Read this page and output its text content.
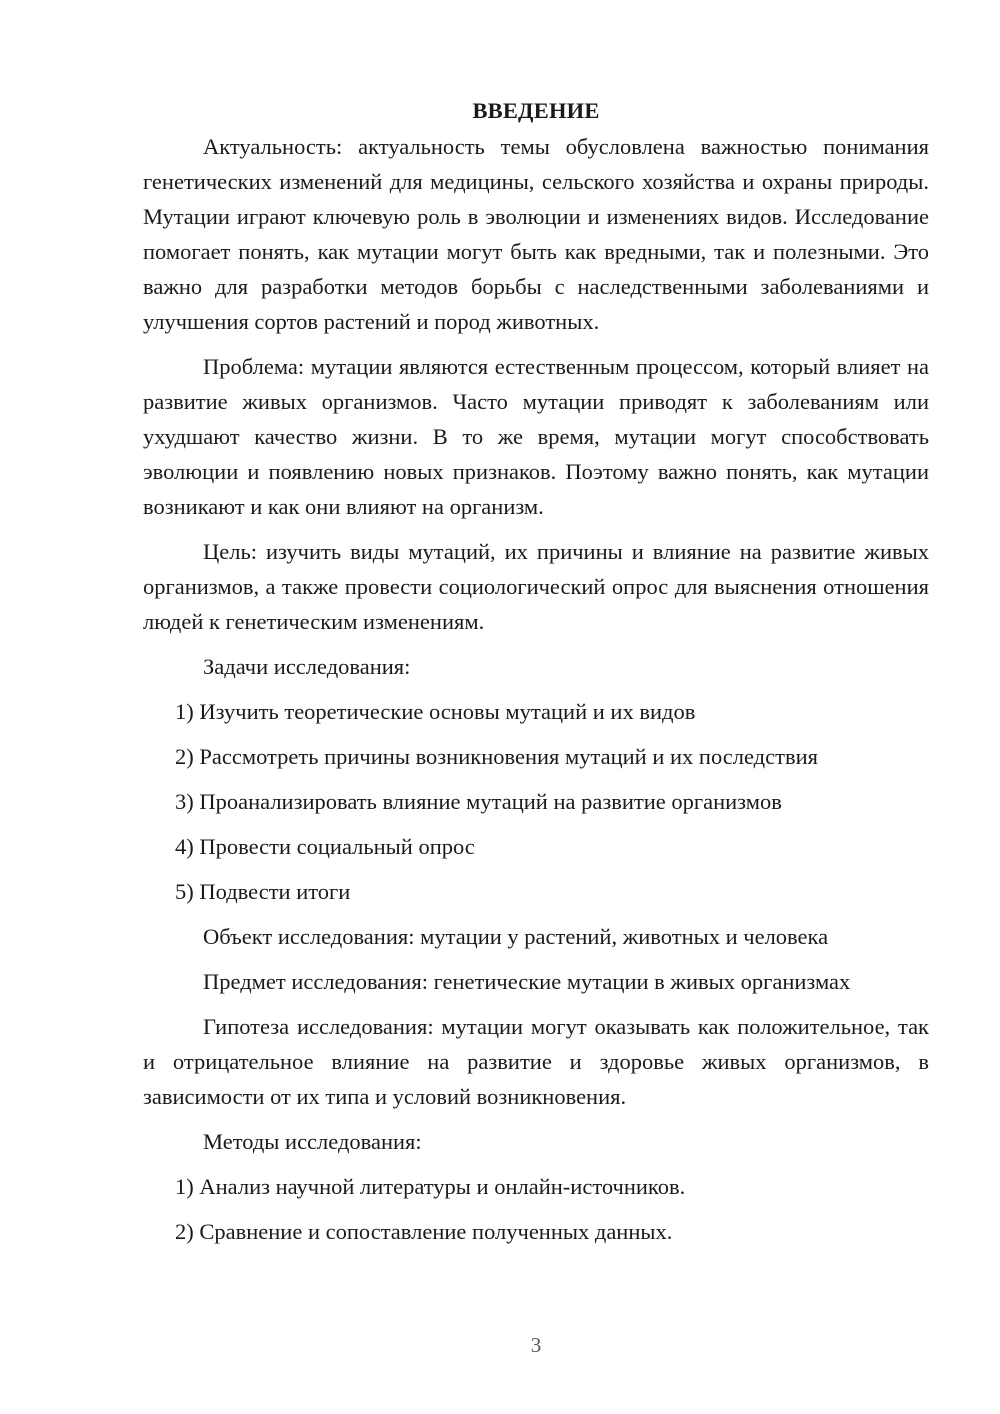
ВВЕДЕНИЕ

Актуальность: актуальность темы обусловлена важностью понимания генетических изменений для медицины, сельского хозяйства и охраны природы. Мутации играют ключевую роль в эволюции и изменениях видов. Исследование помогает понять, как мутации могут быть как вредными, так и полезными. Это важно для разработки методов борьбы с наследственными заболеваниями и улучшения сортов растений и пород животных.

Проблема: мутации являются естественным процессом, который влияет на развитие живых организмов. Часто мутации приводят к заболеваниям или ухудшают качество жизни. В то же время, мутации могут способствовать эволюции и появлению новых признаков. Поэтому важно понять, как мутации возникают и как они влияют на организм.

Цель: изучить виды мутаций, их причины и влияние на развитие живых организмов, а также провести социологический опрос для выяснения отношения людей к генетическим изменениям.

Задачи исследования:

1) Изучить теоретические основы мутаций и их видов
2) Рассмотреть причины возникновения мутаций и их последствия
3) Проанализировать влияние мутаций на развитие организмов
4) Провести социальный опрос
5) Подвести итоги

Объект исследования: мутации у растений, животных и человека

Предмет исследования: генетические мутации в живых организмах

Гипотеза исследования: мутации могут оказывать как положительное, так и отрицательное влияние на развитие и здоровье живых организмов, в зависимости от их типа и условий возникновения.

Методы исследования:

1) Анализ научной литературы и онлайн-источников.
2) Сравнение и сопоставление полученных данных.
3
